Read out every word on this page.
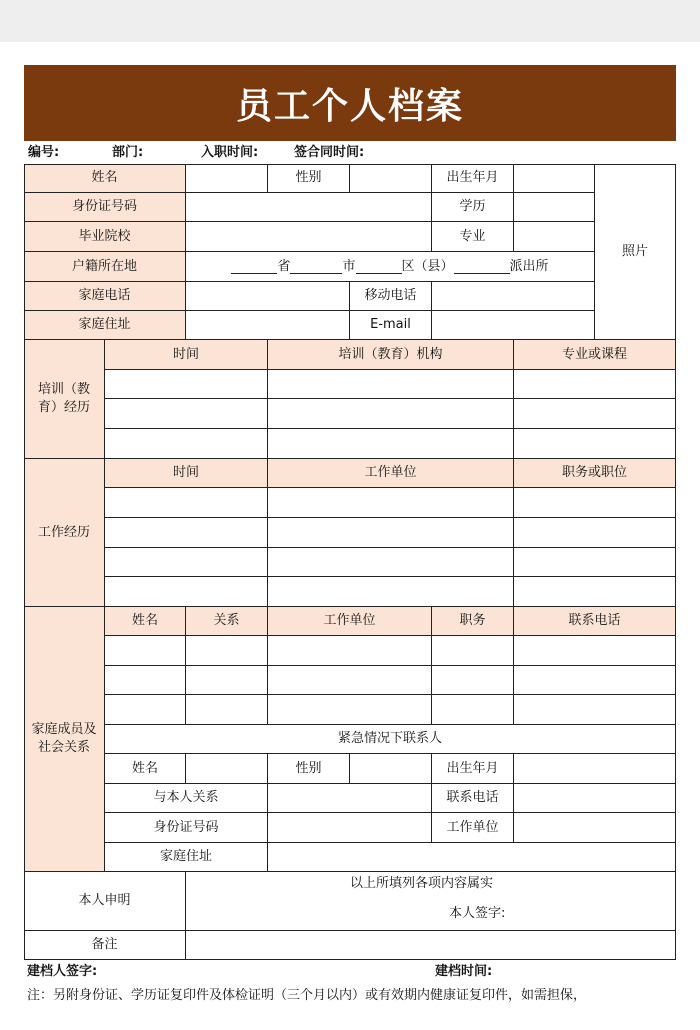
员工个人档案
编号:	部门:	入职时间:	签合同时间:
姓名	性别	出生年月
照片
身份证号码	学历
毕业院校	专业
户籍所在地	省	市	区（县）	派出所
家庭电话	移动电话
家庭住址	E-mail
培训（教育）经历
时间	培训（教育）机构	专业或课程
工作经历
时间	工作单位	职务或职位
家庭成员及社会关系
姓名	关系	工作单位	职务	联系电话
紧急情况下联系人
姓名	性别	出生年月
与本人关系	联系电话
身份证号码	工作单位
家庭住址
本人申明
以上所填列各项内容属实
本人签字:
备注
建档人签字:	建档时间:
注：另附身份证、学历证复印件及体检证明（三个月以内）或有效期内健康证复印件，如需担保，
